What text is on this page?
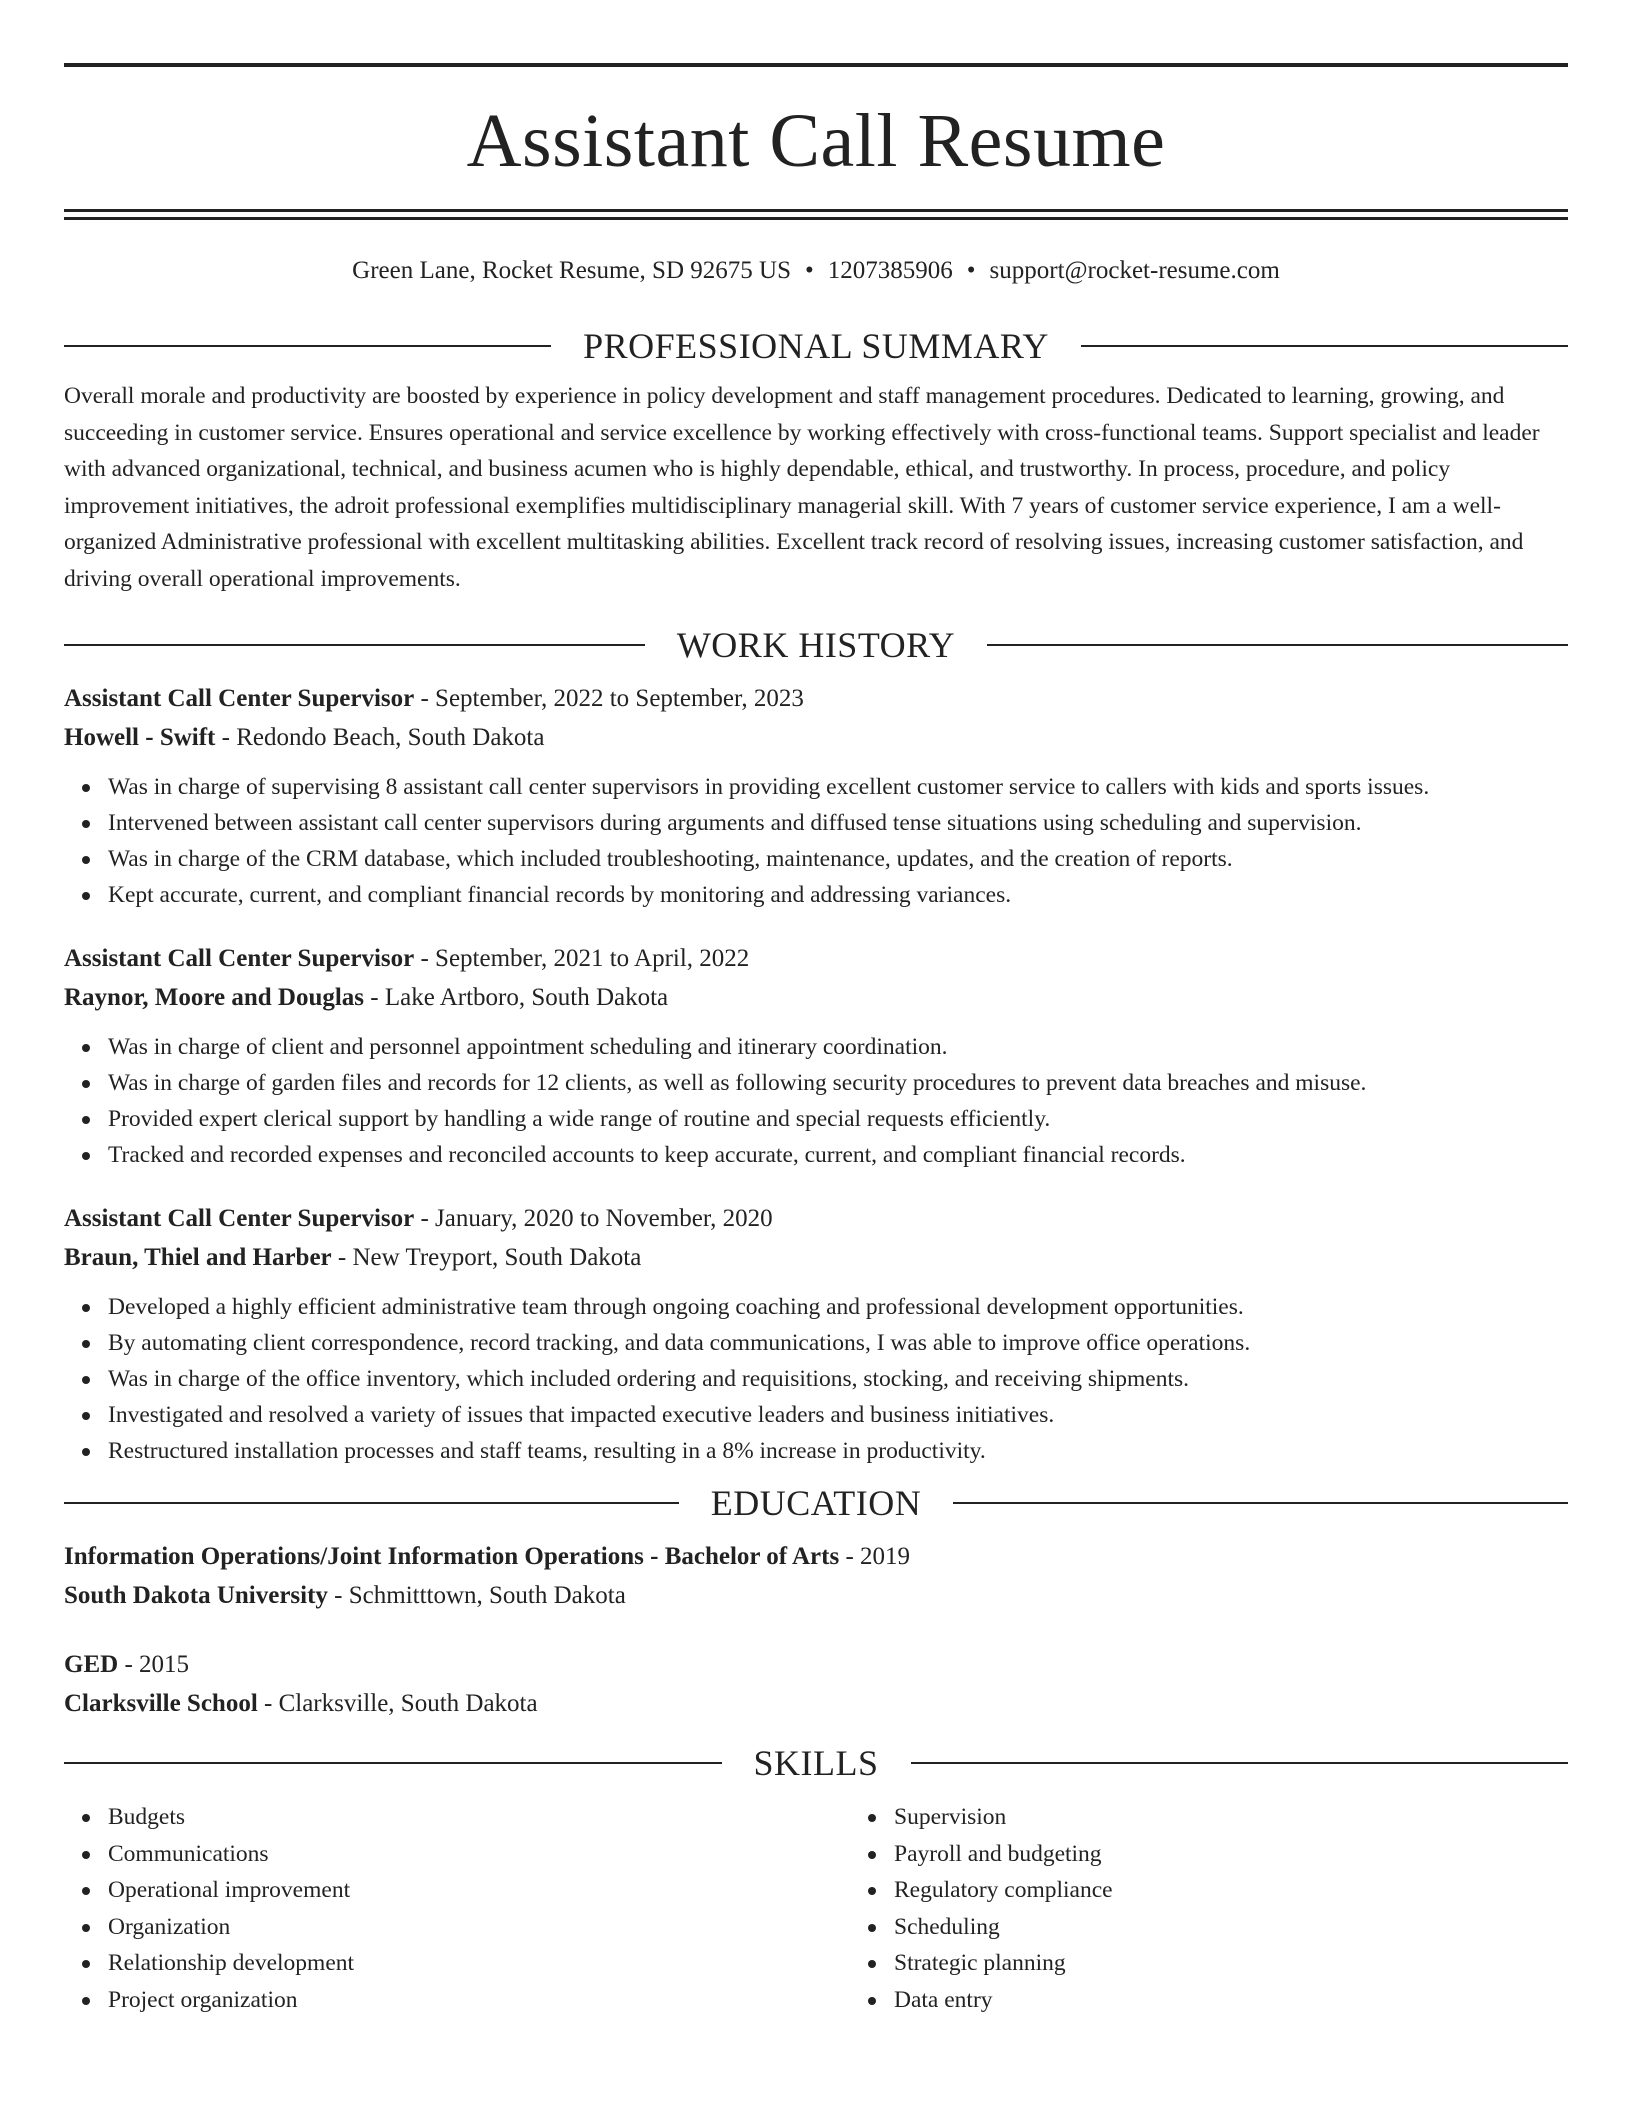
Assistant Call Resume
Green Lane, Rocket Resume, SD 92675 US • 1207385906 • support@rocket-resume.com
PROFESSIONAL SUMMARY
Overall morale and productivity are boosted by experience in policy development and staff management procedures. Dedicated to learning, growing, and succeeding in customer service. Ensures operational and service excellence by working effectively with cross-functional teams. Support specialist and leader with advanced organizational, technical, and business acumen who is highly dependable, ethical, and trustworthy. In process, procedure, and policy improvement initiatives, the adroit professional exemplifies multidisciplinary managerial skill. With 7 years of customer service experience, I am a well-organized Administrative professional with excellent multitasking abilities. Excellent track record of resolving issues, increasing customer satisfaction, and driving overall operational improvements.
WORK HISTORY
Assistant Call Center Supervisor - September, 2022 to September, 2023
Howell - Swift - Redondo Beach, South Dakota
Was in charge of supervising 8 assistant call center supervisors in providing excellent customer service to callers with kids and sports issues.
Intervened between assistant call center supervisors during arguments and diffused tense situations using scheduling and supervision.
Was in charge of the CRM database, which included troubleshooting, maintenance, updates, and the creation of reports.
Kept accurate, current, and compliant financial records by monitoring and addressing variances.
Assistant Call Center Supervisor - September, 2021 to April, 2022
Raynor, Moore and Douglas - Lake Artboro, South Dakota
Was in charge of client and personnel appointment scheduling and itinerary coordination.
Was in charge of garden files and records for 12 clients, as well as following security procedures to prevent data breaches and misuse.
Provided expert clerical support by handling a wide range of routine and special requests efficiently.
Tracked and recorded expenses and reconciled accounts to keep accurate, current, and compliant financial records.
Assistant Call Center Supervisor - January, 2020 to November, 2020
Braun, Thiel and Harber - New Treyport, South Dakota
Developed a highly efficient administrative team through ongoing coaching and professional development opportunities.
By automating client correspondence, record tracking, and data communications, I was able to improve office operations.
Was in charge of the office inventory, which included ordering and requisitions, stocking, and receiving shipments.
Investigated and resolved a variety of issues that impacted executive leaders and business initiatives.
Restructured installation processes and staff teams, resulting in a 8% increase in productivity.
EDUCATION
Information Operations/Joint Information Operations - Bachelor of Arts - 2019
South Dakota University - Schmitttown, South Dakota
GED - 2015
Clarksville School - Clarksville, South Dakota
SKILLS
Budgets
Communications
Operational improvement
Organization
Relationship development
Project organization
Supervision
Payroll and budgeting
Regulatory compliance
Scheduling
Strategic planning
Data entry
